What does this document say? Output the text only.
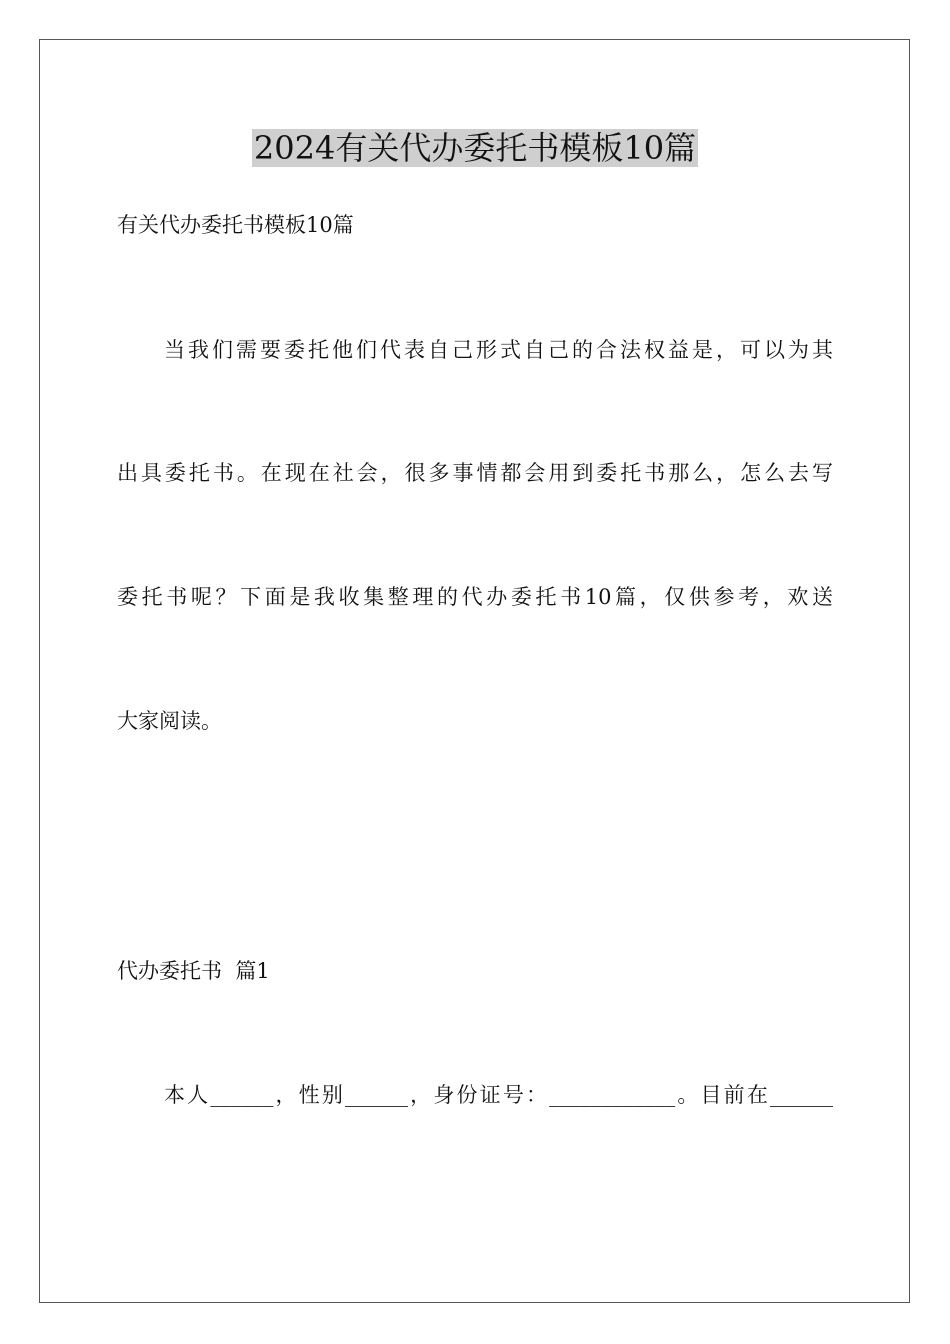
2024有关代办委托书模板10篇

有关代办委托书模板10篇

当我们需要委托他们代表自己形式自己的合法权益是，可以为其

出具委托书。在现在社会，很多事情都会用到委托书那么，怎么去写

委托书呢？下面是我收集整理的代办委托书10篇，仅供参考，欢送

大家阅读。

代办委托书  篇1

本人______，性别______，身份证号：____________。目前在______
